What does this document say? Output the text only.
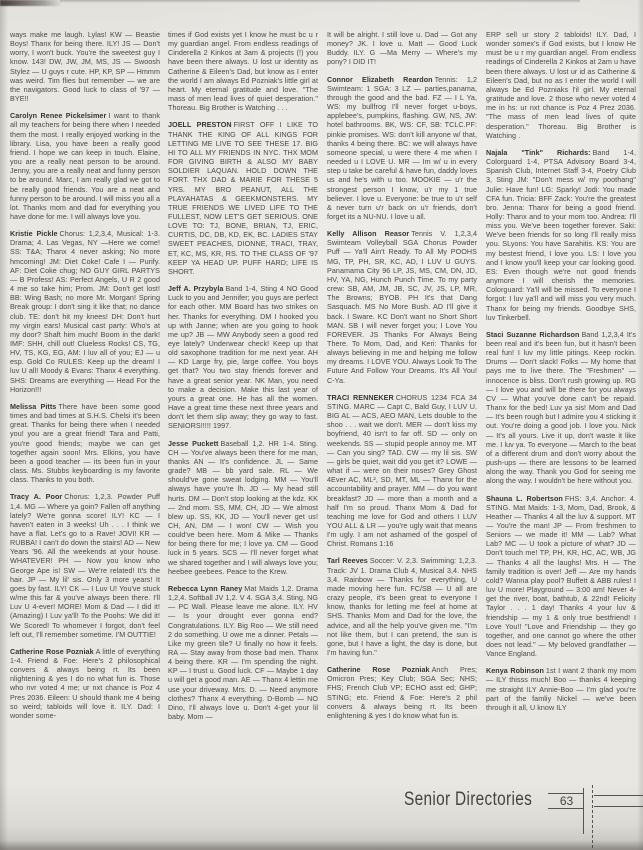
ways make me laugh. Lylas! KW — Beastie Boys! Thanx for being there. ILY! JS — Don't worry, I won't buck. You're the sweetest guy I know. 143! DW, JW, JM, MS, JS — Swoosh Stylez — U guys r cute. HP, KP, SP — Hmmm was weird. Tim flies but remember — we are the navigators. Good luck to class of '97 — BYE!!

Carolyn Renee Pickelsimer I want to thank all my teachers for being there when I needed them the most. I really enjoyed working in the library. Lisa, you have been a really good friend. I hope we can keep in touch. Elaine, you are a really neat person to be around. Jenny, you are a really neat and funny person to be around. Marc, I am really glad we got to be really good friends. You are a neat and funny person to be around. I will miss you all a lot. Thanks mom and dad for everything you have done for me. I will always love you.

Kristie Pickle Chorus: 1,2,3,4, Musical: 1-3. Drama; 4. Las Vegas, NY —Here we come! SS: T&A; Thanx 4 never asking; No more hmcoming! JM: Diet Coke! Cafe I — Purify. AF: Diet Coke chug; NO GUY GIRL PARTYS — B Profess! AS: Perfect Angels, U R 2 good 4 me so take him; Prom. JM: Don't get lost! BB: Wing Bash; no more Mr. Morgan! Spring Break group: I don't sing it like that; no dance club. TE: don't hit my knees! DH: Don't hurt my virgin ears! Musical cast party: Who's at my door? Shaft him much! Boom in the dark! IMF: SHH, chill out! Clueless Rocks! CS, TG, HV, TS, KG, EG, AM: I luv all of you; EJ — u esp. Gold Co RULES: Keep up the dream! I luv U all! Moody & Evans: Thanx 4 everything. SHS: Dreams are everything — Head For the Horizon!!!

Melissa Pitts There have been some good times and bad times at S.H.S. Chelsi it's been great. Thanks for being there when I needed you! you are a great friend! Tara and Patti, you're good friends; maybe we can get together again soon! Mrs. Elkins, you have been a good teacher — its been fun in your class. Ms. Stubbs keyboarding is my favorite class. Thanks to you both.

Tracy A. Poor Chorus: 1,2,3. Powder Puff 1,4. MG — Where ya goin? Fallen off anything lately? We're gonna score! ILY! KC — I haven't eaten in 3 weeks! Uh . . . I think we have a flat. Let's go to a Rave! JOVI! KR — RUBBA! I can't do down the stairs! AD — New Years '96. All the weekends at your house. WHATEVER! PH — Now you know who George Ape is! SW — We're related! It's the hair. JP — My lil' sis. Only 3 more years! It goes by fast. ILY! CK — I Luv U! You've stuck w/me this far & you've always been there. I'll Luv U 4-ever! MORE! Mom & Dad — I did it! (Amazing) I Luv ya'll! To the Poohs: We did it! We Scored! To whomever I forgot, don't feel left out, I'll remember sometime. I'M OUTTIE!

Catherine Rose Pozniak A little of everything 1-4. Friend & Foe: Here's 2 philosophical convers & always being rt. Its been nlightening & yes I do no what fun is. Those who nvr voted 4 me; ur nxt chance is Poz 4 Pres 2036. Eileen: U should thank me 4 being so weird; tabloids will love it. ILY. Dad: I wonder some-

times if God exists yet I know he must bc u r my guardian angel. From endless readings of Cinderella 2 Kinkos at 3am & projects (!) you have been there always. U lost ur identity as Catherine & Eileen's Dad, but know as I enter the world I am always Ed Pozniak's little girl at heart. My eternal gratitude and love. "The mass of men lead lives of quiet desperation." Thoreau. Big Brother is Watching . . .

JOELL PRESTON FIRST OFF I LIKE TO THANK THE KING OF ALL KINGS FOR LETTING ME LIVE TO SEE THESE 17. BIG HI TO ALL MY FRIENDS IN NYC. THX MOM FOR GIVING BIRTH & ALSO MY BABY SOLDIER LAQUAN. HOLD DOWN THE FORT. THX DAD & MARIE FOR THESE 5 YRS. MY BRO PEANUT, ALL THE PLAYAHATAS & GEEKMONSTERS. MY TRUE FRIENDS WE LIVED LIFE TO THE FULLEST, NOW LET'S GET SERIOUS. ONE LOVE TO: TJ, BONE, BRIAN, TJ, ERIC, CURTIS, DC, DB, KD, EK, BC. LADIES STAY SWEET PEACHES, DIONNE, TRACI, TRAY, ET, KC, MS, KR, RS. TO THE CLASS OF '97 KEEP YA HEAD UP. PUFF HARD; LIFE IS SHORT.

Jeff A. Przybyla Band 1-4, Sting 4 NO Good Luck to you and Jennifer; you guys are perfect for each other. MM Board has two strikes on her. Thanks for everything. DM I hooked you up with Janne; when are you going to hook me up? JB — MW Anybody seen a good red eye lately? Underwear check! Keep up that old saxophone tradition for me next year. AH — KD Large fry, pie, large coffee. You boys get that? You two stay friends forever and have a great senior year. NK Man, you need to make a decision. Make this last year of yours a great one. He has all the women. Have a great time these next three years and don't let them slip away; they go way to fast. SENIORS!!!!! 1997.

Jesse Puckett Baseball 1,2. HR 1-4. Sting. CH — You've always been there for me man, thanks AN — It's confidence. JL — Same grade? MB — bb yard sale. RL — We should've gone sweat lodging. MM — You'll always have you're lh. JD — My head still hurts. DM — Don't stop looking at the kdz. KK — 2nd mom. SS, MM, CH, JD — We almost blew up. SS, KK, JD — You'll never get us! CH, AN, DM — I won! CW — Wish you could've been here. Mom & Mike — Thanks for being there for me; I love ya. CM — Good luck in 5 years. SCS — I'll never forget what we shared together and I will always love you; heebee geebees. Peace to the Krew.

Rebecca Lynn Raney Mat Maids 1,2. Drama 1,2,4. Softball JV 1,2. V 4. SGA 3,4. Sting. NG — PC Wall. Please leave me alone. ILY. HV — Is your drought ever gonna end? Congratulations. ILY. Big Roo — We still need 2 do something. U owe me a dinner. Petals — Like my green tile? U finally no how it feels. RA — Stay away from those bad men. Thanx 4 being there. KR — I'm spending the night. KP — I trust u. Good luck. CF — Maybe 1 day u will get a good man. AE — Thanx 4 lettin me use your driveway. Mrs. D. — Need anymore clothes? Thanx 4 everything. D-Bomb — NO Dino, I'll always love u. Don't 4-get your lil baby. Mom —

It will be alright. I still love u. Dad — Got any money? JK. I love u. Matt — Good Luck Buddy. ILY. G —Ma Merry — Where's my pony? I DID IT!

Connor Elizabeth Reardon Tennis: 1,2 Swimteam: 1 SGA: 3 LZ — parties,panama, through the good and the bad. FZ — I L Ya, WS: my bullfrog I'll never forget u-boys, applebee's, pumpkins, flashing. GW, NS, JW: hotel bathrooms. BK, WS: CF, SB: TCLC.PF: pinkie promises. WS: don't kill anyone w/ that, thanks 4 being there. BC: we will always have someone special, u were there 4 me when I needed u I LOVE U. MR — Im w/ u in every step u take be careful & have fun, daddy loves us and he's with u too. MOOKIE — u'r the strongest person I know, u'r my 1 true believer. I love u. Everyone: be true to u'r self & never turn u'r back on u'r friends, don't forget its a NU-NU. I love u all.

Kelly Allison Reasor Tennis V. 1,2,3,4 Swimteam Volleyball SGA Chorus Powder Puff — Ya'll Ain't Ready. To All My POOHS MG, TP, PH, SR, KC, AD, I LUV U GUYS. Panamama City 96 LP, JS, MS, CM, DN, JD, HV, YA, NG, Hunch Punch Time. To my party crew: SB, AM, JM, JB, SC, JV, JS, LP, MR, The Browns; BYOB. PH It's that Dang Sasquach. MS No More Bush. AD I'll give it back. I Sware. KC Don't want no Short Short MAN. SB I will never forget you; I Love You FOREVER. JS Thanks For Always Being There. To Mom, Dad, and Keri: Thanks for always believing in me and helping me follow my dreams. I LOVE YOU. Always Look To The Future And Follow Your Dreams. It's All You! C-Ya.

TRACI RENNEKER CHORUS 1234 FCA 34 STING. MARC — Capt C, Bald Guy, I LUV U. BIG AL — ACS, AEO MAN, Lets double to the shoo . . . wait we don't. MER — don't kiss my boyfriend, 40 isn't to far off. SD — only on weekends. SS — stupid people annoy me. MT — Can you sing? TAD. CW — my lil sis. SW — girls be quiet, wait did you get it? LOWE — what if — were on their noses? Grey Ghost 4Ever AC, ML², SD, MT, ML — Thanx for the accountability and prayer. MM — do you want breakfast? JD — more than a month and a half I'm so proud. Thanx Mom & Dad for teaching me love for God and others I LUV YOU ALL & LR — you're ugly wait that means I'm ugly. I am not ashamed of the gospel of Christ. Romans 1:16

Tarl Reeves Soccer: V. 2,3. Swimming: 1,2,3. Track: JV 1. Drama Club 4, Musical 3,4. NHS 3,4. Rainbow — Thanks for everything, U made moving here fun. FC/SB — U all are crazy people, it's been great to everyone I know, thanks for letting me feel at home at SHS. Thanks Mom and Dad for the love, the advice, and all the help you've given me. "I'm not like them, but I can pretend, the sun is gone, but I have a light, the day is done, but I'm having fun."

Catherine Rose Pozniak Anch Pres; Omicron Pres; Key Club; SGA Sec; NHS; FHS; French Club VP; ECHO asst ed; GHP; STING; etc. Friend & Foe: Here's 2 phil convers & always being rt. Its been enlightening & yes I do know what fun is.

ERP sell ur story 2 tabloids! ILY. Dad, I wonder somex's if God exists, but I know He must be u r my guardian angel. From endless readings of Cinderella 2 Kinkos at 2am u have been there always. U lost ur id as Catherine & Eileen's Dad, but no as I enter the world I will always be Ed Pozniaks l'il girl. My eternal gratitude and love. 2 those who never voted 4 me in hs: ur nxt chance is Poz 4 Prez 2036. "The mass of men lead lives of quite desperation." Thoreau. Big Brother is Watching .

Najala "Tink" Richards: Band 1-4, Colorguard 1-4, PTSA Advisory Board 3-4, Spanish Club, Internet Staff 3-4, Poetry Club 3, Sting JM: "Don't mess w/ my poothang" Julie: Have fun! LG: Sparky! Jodi: You made CFA fun. Tricia: BFF Zack: You're the greatest bro. Jenna: Thanx for being a good friend. Holly: Thanx and to your mom too. Andrea: I'll miss you. We've been together forever. Saki: We've been friends for so long I'll really miss you. SLyons: You have Sarahitis. KS: You are my bestest friend, I love you. LS: I love you and I know you'll keep your car looking good. ES: Even though we're not good friends anymore I will cherish the memories. Colorguard: Ya'll will be missed. To everyone I forgot: I luv ya'll and will miss you very much. Thanx for being my friends. Goodbye SHS, luv Tinkerbell.

Staci Suzanne Richardson Band 1,2,3,4 It's been real and it's been fun, but it hasn't been real fun! I luv my little pitings. Keep rockin. Drums — Don't slack! Folks — My home that pays me to live there. The "Freshmen" — innocence is bliss. Don't rush growing up. RG — I love you and will be there for you always CV — What you've done can't be repaid. Thanx for the bed! Luv ya sis! Mom and Dad — It's been rough but I admire you 4 sticking it out. You're doing a good job. I love you. Nick — It's all yours. Live it up, don't waste it like me. I luv ya. To everyone — March to the beat of a different drum and don't worry about the push-ups — there are lessons to be learned along the way. Thank you God for seeing me along the way. I wouldn't be here without you.

Shauna L. Robertson FHS: 3,4. Anchor: 4. STING. Mat Maids: 1-3, Mom, Dad, Brook, & Heather — Thanks 4 all the luv & support. MT — You're the man! JP — From freshmen to Seniors — we made it! MM — Lab? What Lab? MC — U took a picture of what? JD — Don't touch me! TP, PH, KR, HC, AC, WB, JG — Thanks 4 all the laughs! Mrs. H — The family tradition is over! Jeff — Are my hands cold? Wanna play pool? Buffett & ABB rules! I luv U more! Playground — 3:00 am! Never 4-get the river, boat, bathtub, & 22nd! Felicity Taylor . . . 1 day! Thanks 4 your luv & friendship — my 1 & only true bestfriend! I Love You!! "Love and Friendship — they go together, and one cannot go where the other does not lead." — My beloved grandfather — Vance England.

Kenya Robinson 1st I want 2 thank my mom — ILY thisss much! Boo — thanks 4 keeping me straight ILY Annie-Boo — I'm glad you're part of the famliy Nickel — we've been through it all, U know ILY

Senior Directories	63
